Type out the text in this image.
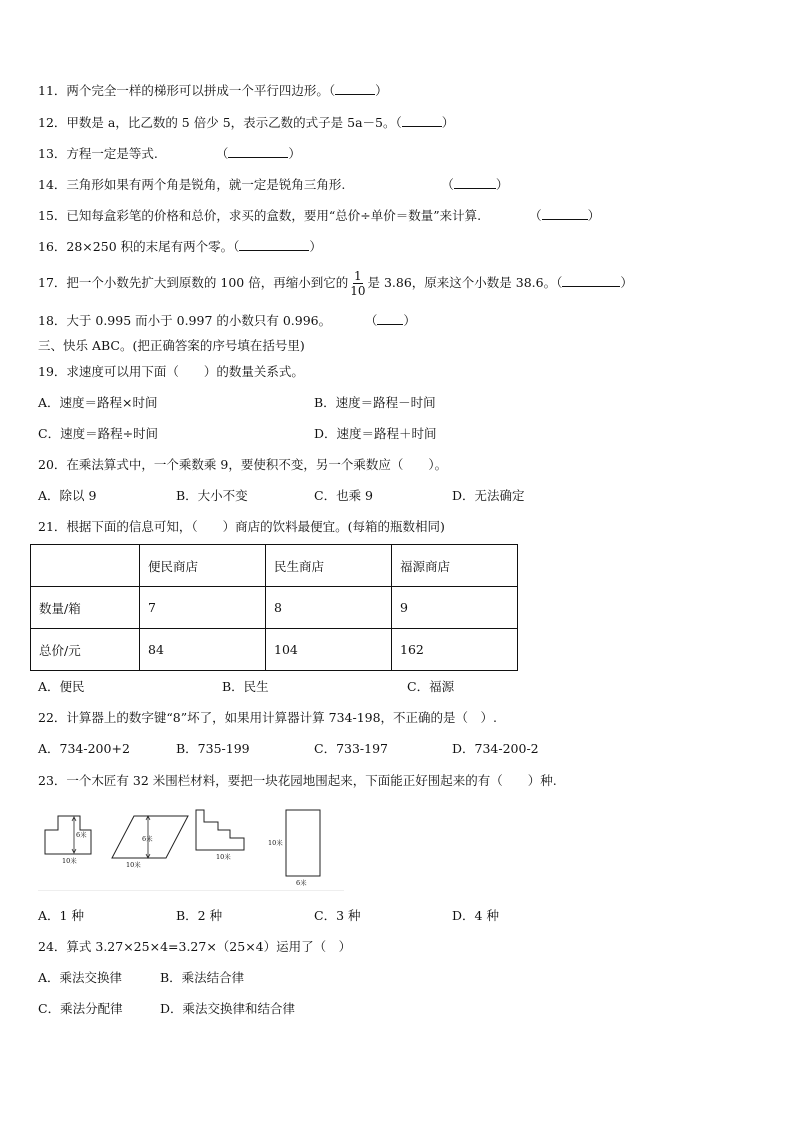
11．两个完全一样的梯形可以拼成一个平行四边形。（	）
12．甲数是 a，比乙数的 5 倍少 5，表示乙数的式子是 5a－5。（	）
13．方程一定是等式.	（	）
14．三角形如果有两个角是锐角，就一定是锐角三角形.	（	）
15．已知每盒彩笔的价格和总价，求买的盒数，要用“总价÷单价＝数量”来计算.	（	）
16．28×250 积的末尾有两个零。（	）
17．把一个小数先扩大到原数的 100 倍，再缩小到它的 $\frac{1}{10}$ 是 3.86，原来这个小数是 38.6。（	）
18．大于 0.995 而小于 0.997 的小数只有 0.996。	（ ）
三、快乐 ABC。(把正确答案的序号填在括号里)
19．求速度可以用下面（　　）的数量关系式。
A．速度＝路程×时间	B．速度＝路程－时间
C．速度＝路程÷时间	D．速度＝路程＋时间
20．在乘法算式中，一个乘数乘 9，要使积不变，另一个乘数应（　　）。
A．除以 9	B．大小不变	C．也乘 9	D．无法确定
21．根据下面的信息可知，（　　）商店的饮料最便宜。(每箱的瓶数相同)
	便民商店	民生商店	福源商店
数量/箱	7	8	9
总价/元	84	104	162
A．便民	B．民生	C．福源
22．计算器上的数字键“8”坏了，如果用计算器计算 734-198，不正确的是（　）.
A．734-200+2	B．735-199	C．733-197	D．734-200-2
23．一个木匠有 32 米围栏材料，要把一块花园地围起来，下面能正好围起来的有（　　）种.
6米
10米
6米
10米
10米
10米
6米
A．1 种	B．2 种	C．3 种	D．4 种
24．算式 3.27×25×4=3.27×（25×4）运用了（　）
A．乘法交换律	B．乘法结合律
C．乘法分配律	D．乘法交换律和结合律
